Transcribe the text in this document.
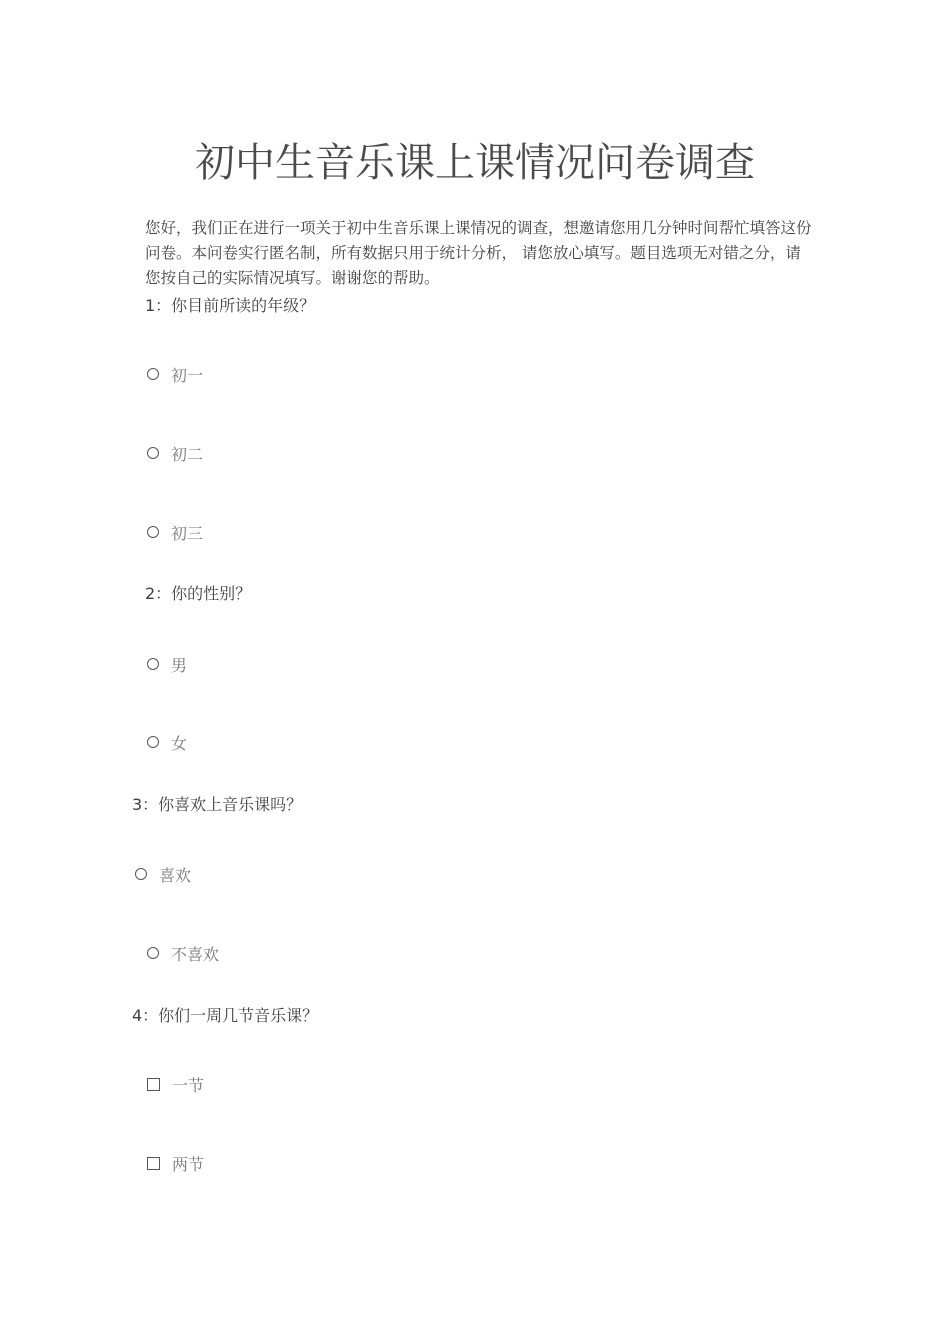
初中生音乐课上课情况问卷调查

您好，我们正在进行一项关于初中生音乐课上课情况的调查，想邀请您用几分钟时间帮忙填答这份问卷。本问卷实行匿名制，所有数据只用于统计分析， 请您放心填写。题目选项无对错之分，请您按自己的实际情况填写。谢谢您的帮助。

1：你目前所读的年级？
初一
初二
初三
2：你的性别？
男
女
3：你喜欢上音乐课吗？
喜欢
不喜欢
4：你们一周几节音乐课？
一节
两节
